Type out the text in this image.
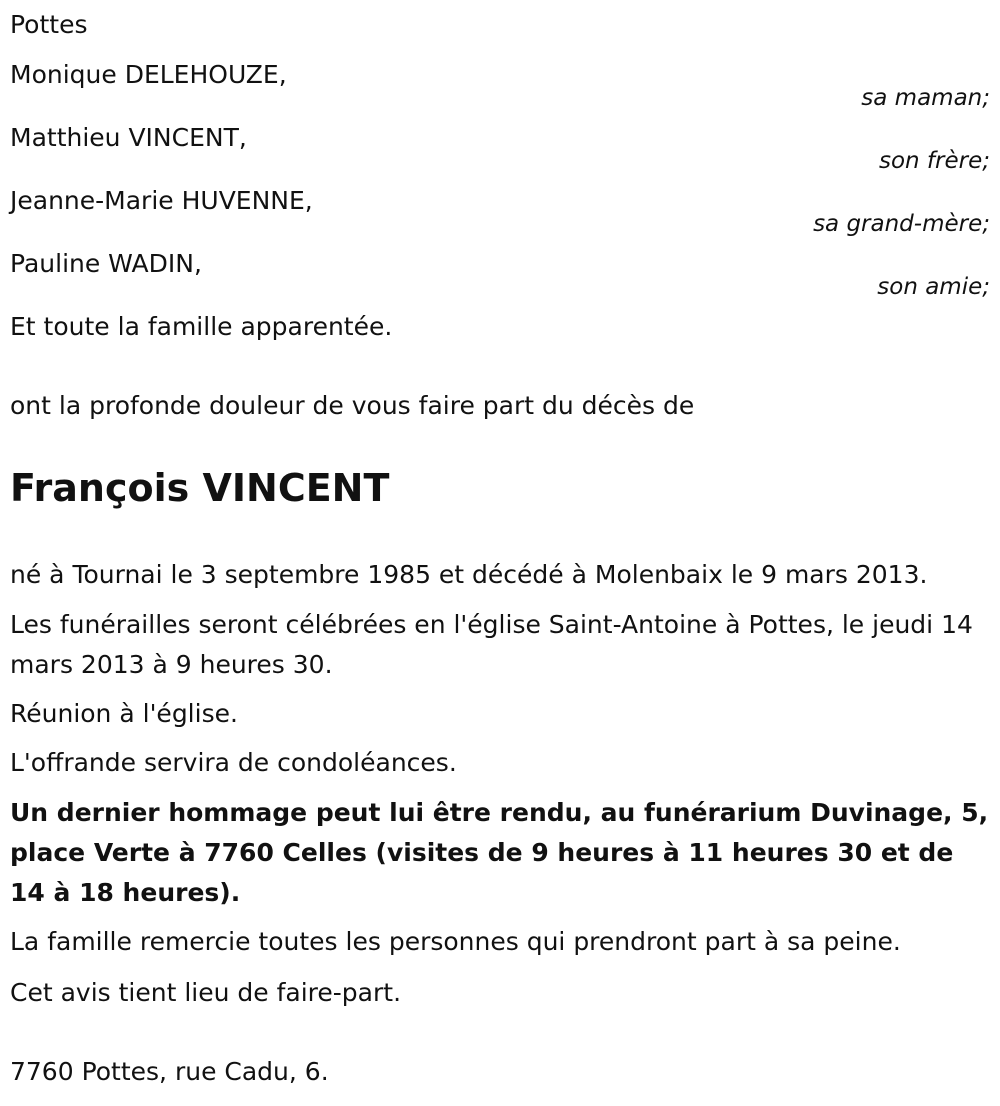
Pottes
Monique DELEHOUZE,
sa maman;
Matthieu VINCENT,
son frère;
Jeanne-Marie HUVENNE,
sa grand-mère;
Pauline WADIN,
son amie;
Et toute la famille apparentée.
ont la profonde douleur de vous faire part du décès de
François VINCENT
né à Tournai le 3 septembre 1985 et décédé à Molenbaix le 9 mars 2013.
Les funérailles seront célébrées en l'église Saint-Antoine à Pottes, le jeudi 14 mars 2013 à 9 heures 30.
Réunion à l'église.
L'offrande servira de condoléances.
Un dernier hommage peut lui être rendu, au funérarium Duvinage, 5, place Verte à 7760 Celles (visites de 9 heures à 11 heures 30 et de 14 à 18 heures).
La famille remercie toutes les personnes qui prendront part à sa peine.
Cet avis tient lieu de faire-part.
7760 Pottes, rue Cadu, 6.
